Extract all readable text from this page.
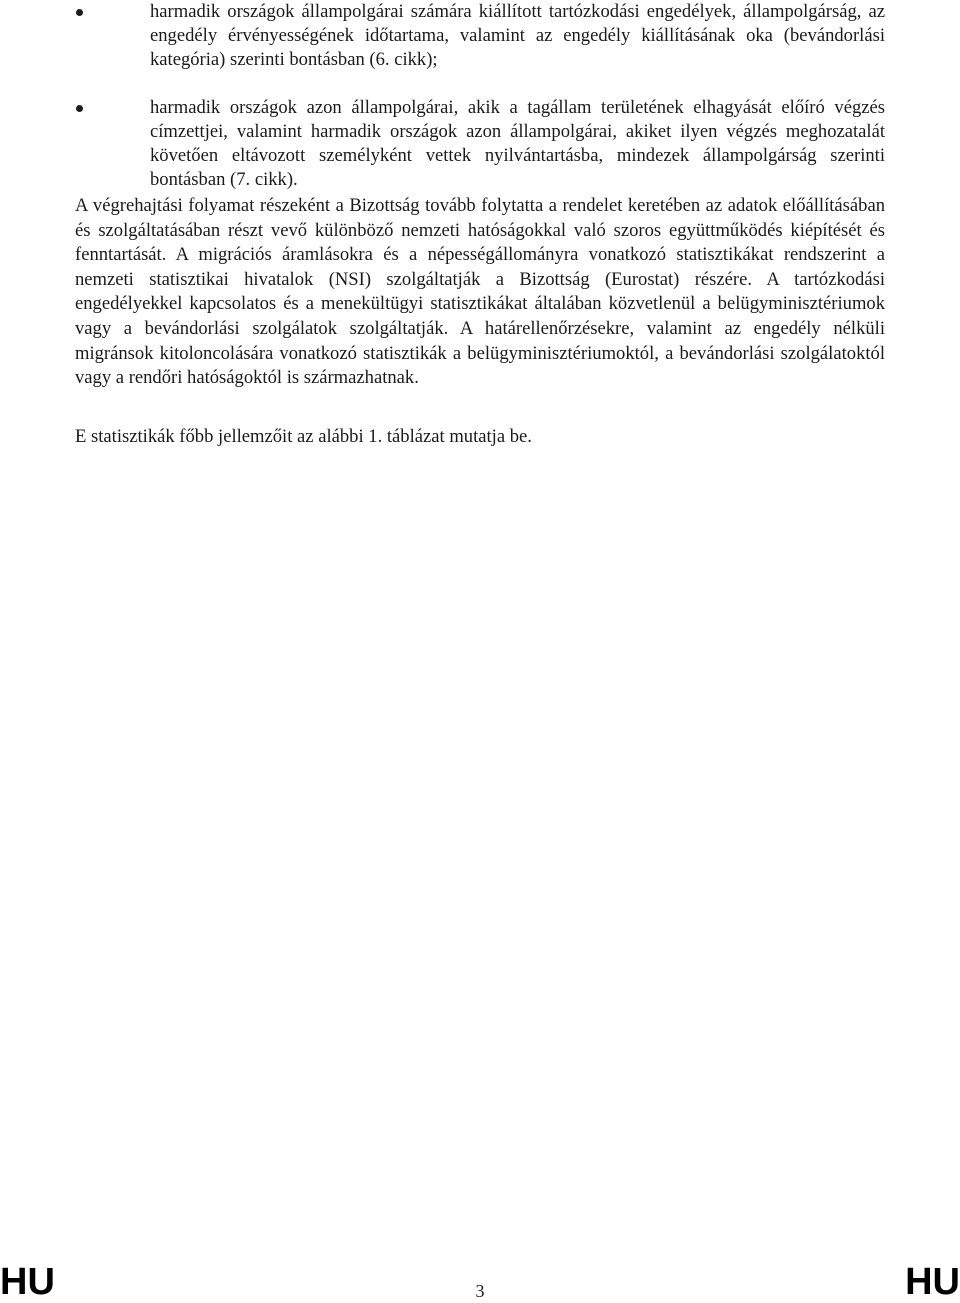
harmadik országok állampolgárai számára kiállított tartózkodási engedélyek, állampolgárság, az engedély érvényességének időtartama, valamint az engedély kiállításának oka (bevándorlási kategória) szerinti bontásban (6. cikk);
harmadik országok azon állampolgárai, akik a tagállam területének elhagyását előíró végzés címzettjei, valamint harmadik országok azon állampolgárai, akiket ilyen végzés meghozatalát követően eltávozott személyként vettek nyilvántartásba, mindezek állampolgárság szerinti bontásban (7. cikk).

A végrehajtási folyamat részeként a Bizottság tovább folytatta a rendelet keretében az adatok előállításában és szolgáltatásában részt vevő különböző nemzeti hatóságokkal való szoros együttműködés kiépítését és fenntartását. A migrációs áramlásokra és a népességállományra vonatkozó statisztikákat rendszerint a nemzeti statisztikai hivatalok (NSI) szolgáltatják a Bizottság (Eurostat) részére. A tartózkodási engedélyekkel kapcsolatos és a menekültügyi statisztikákat általában közvetlenül a belügyminisztériumok vagy a bevándorlási szolgálatok szolgáltatják. A határellenőrzésekre, valamint az engedély nélküli migránsok kitoloncolására vonatkozó statisztikák a belügyminisztériumoktól, a bevándorlási szolgálatoktól vagy a rendőri hatóságoktól is származhatnak.

E statisztikák főbb jellemzőit az alábbi 1. táblázat mutatja be.

HU	3	HU
